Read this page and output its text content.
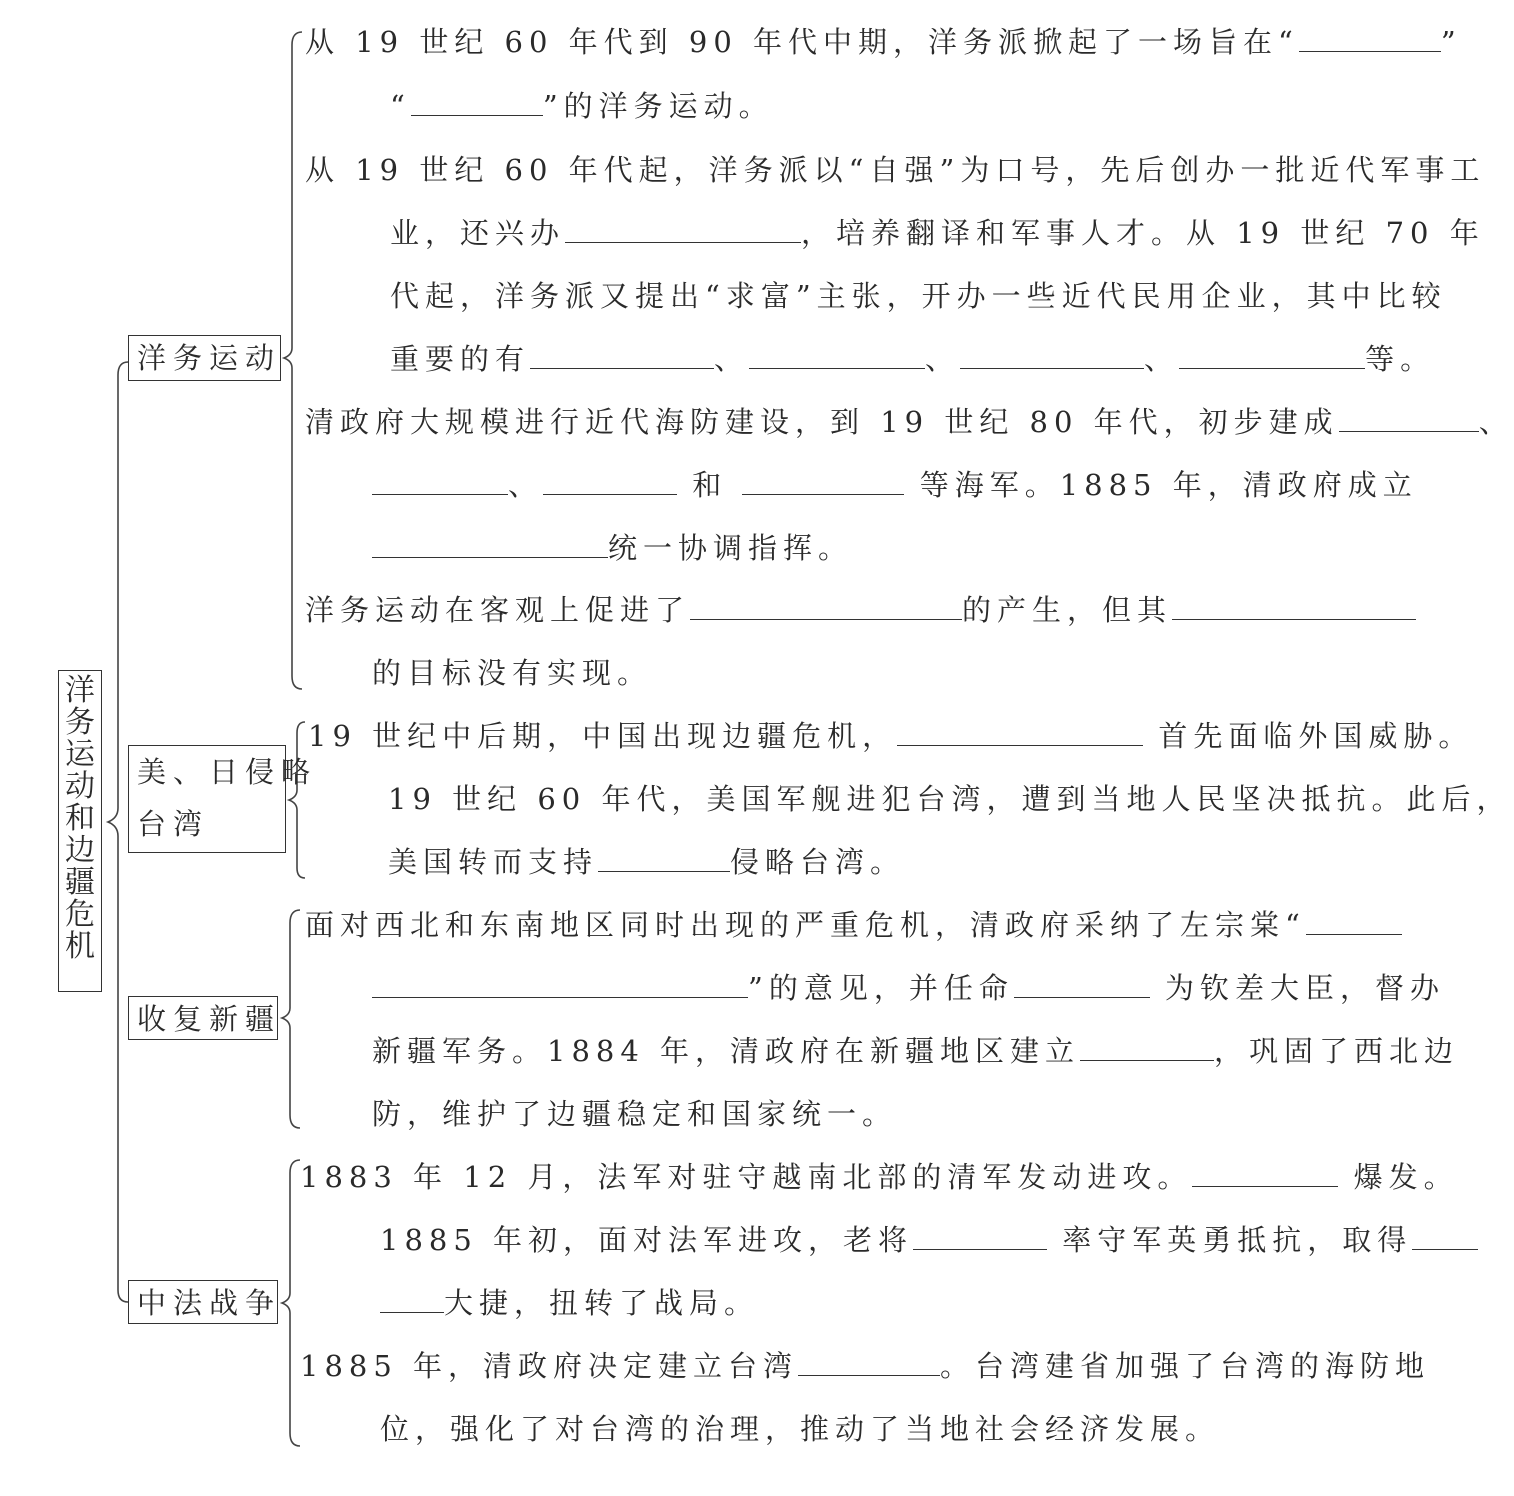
洋
务
运
动
和
边
疆
危
机
洋务运动
美、日侵略
台湾
收复新疆
中法战争
从 19 世纪 60 年代到 90 年代中期，洋务派掀起了一场旨在“	”
“	”的洋务运动。
从 19 世纪 60 年代起，洋务派以“自强”为口号，先后创办一批近代军事工
业，还兴办	，培养翻译和军事人才。从 19 世纪 70 年
代起，洋务派又提出“求富”主张，开办一些近代民用企业，其中比较
重要的有	、	、	、	等。
清政府大规模进行近代海防建设，到 19 世纪 80 年代，初步建成	、
、	和	等海军。1885 年，清政府成立
统一协调指挥。
洋务运动在客观上促进了	的产生，但其
的目标没有实现。
19 世纪中后期，中国出现边疆危机，	首先面临外国威胁。
19 世纪 60 年代，美国军舰进犯台湾，遭到当地人民坚决抵抗。此后，
美国转而支持	侵略台湾。
面对西北和东南地区同时出现的严重危机，清政府采纳了左宗棠“
”的意见，并任命	为钦差大臣，督办
新疆军务。1884 年，清政府在新疆地区建立	，巩固了西北边
防，维护了边疆稳定和国家统一。
1883 年 12 月，法军对驻守越南北部的清军发动进攻。	爆发。
1885 年初，面对法军进攻，老将	率守军英勇抵抗，取得
大捷，扭转了战局。
1885 年，清政府决定建立台湾	。台湾建省加强了台湾的海防地
位，强化了对台湾的治理，推动了当地社会经济发展。
